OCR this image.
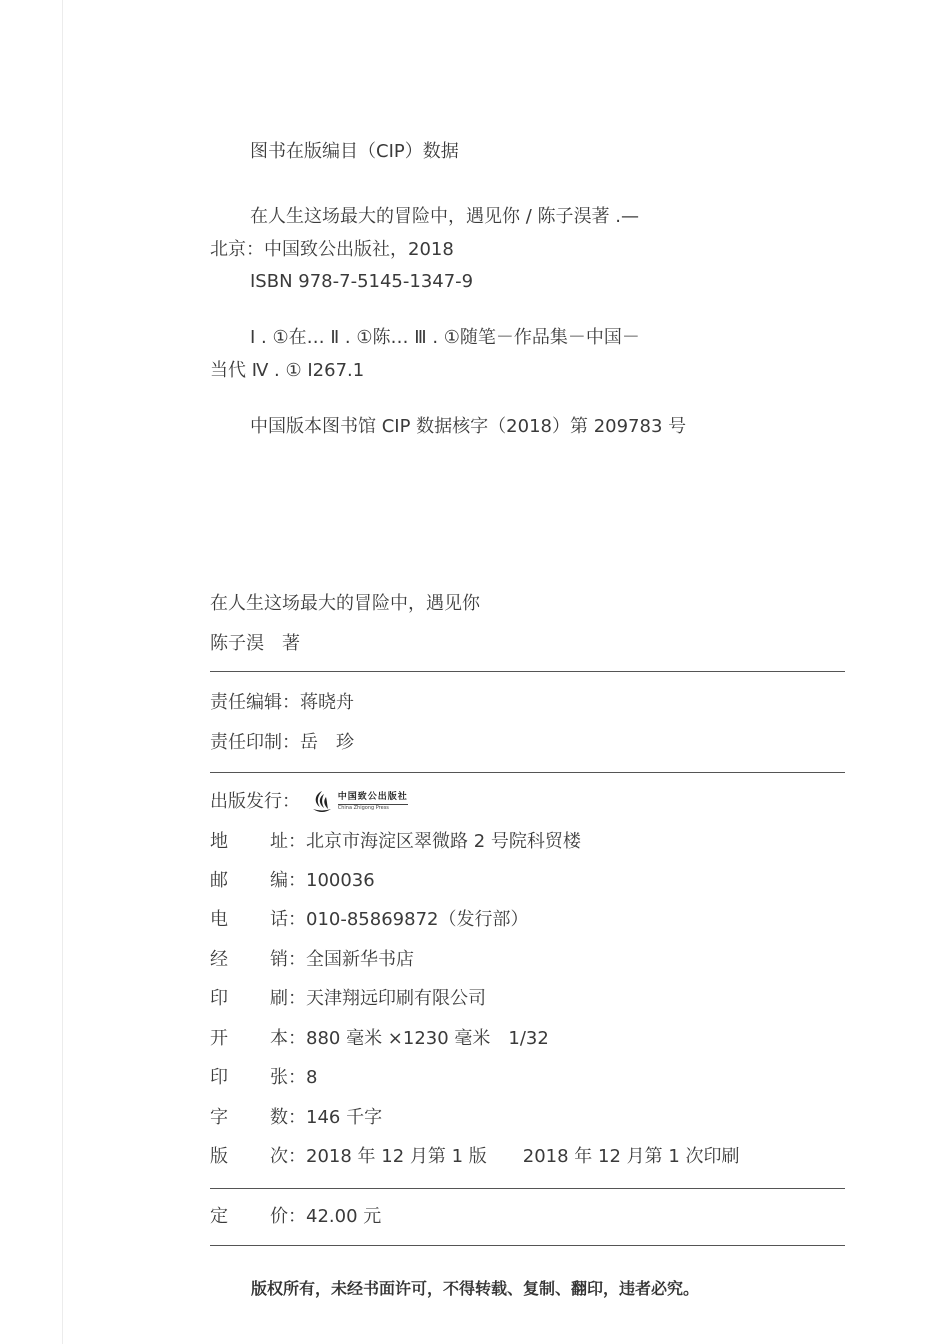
图书在版编目（CIP）数据
在人生这场最大的冒险中，遇见你 / 陈子淏著 .—
北京：中国致公出版社，2018
ISBN 978-7-5145-1347-9
Ⅰ . ①在… Ⅱ . ①陈… Ⅲ . ①随笔－作品集－中国－
当代 Ⅳ . ① I267.1
中国版本图书馆 CIP 数据核字（2018）第 209783 号
在人生这场最大的冒险中，遇见你
陈子淏　著
责任编辑：蒋晓舟
责任印制：岳　珍
出版发行：	中国致公出版社
China Zhigong Press
地 址：北京市海淀区翠微路 2 号院科贸楼
邮 编：100036
电 话：010-85869872（发行部）
经 销：全国新华书店
印 刷：天津翔远印刷有限公司
开 本：880 毫米 ×1230 毫米　1/32
印 张：8
字 数：146 千字
版 次：2018 年 12 月第 1 版　　2018 年 12 月第 1 次印刷
定 价：42.00 元
版权所有，未经书面许可，不得转载、复制、翻印，违者必究。
